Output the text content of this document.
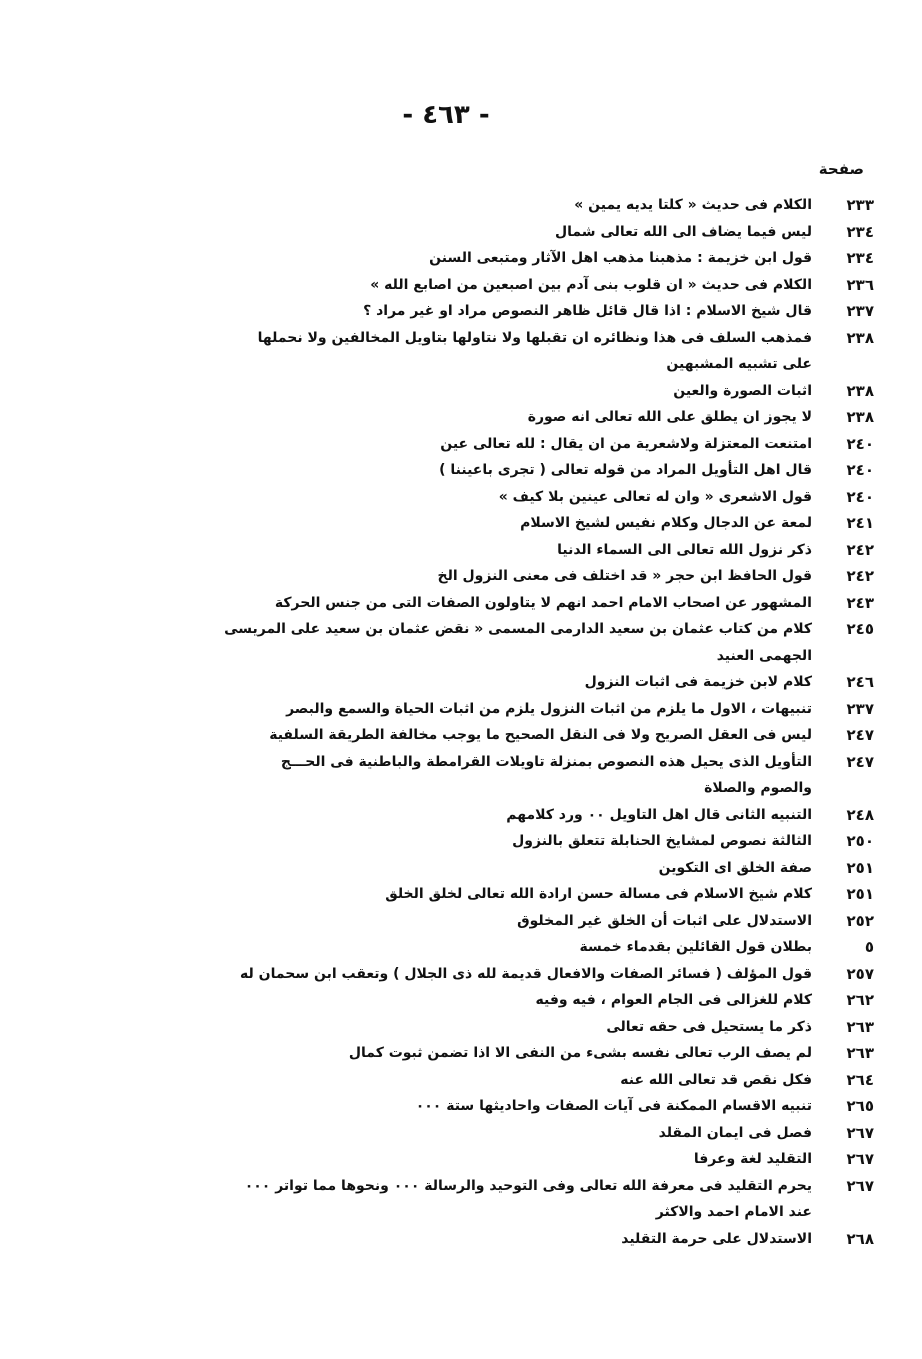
- ٤٦٣ -
صفحة
٢٣٣
الكلام فى حديث « كلتا يديه يمين »
٢٣٤
ليس فيما يضاف الى الله تعالى شمال
٢٣٤
قول ابن خزيمة : مذهبنا مذهب اهل الآثار ومتبعى السنن
٢٣٦
الكلام فى حديث « ان قلوب بنى آدم بين اصبعين من اصابع الله »
٢٣٧
قال شيخ الاسلام : اذا قال قائل ظاهر النصوص مراد او غير مراد ؟
٢٣٨
فمذهب السلف فى هذا ونظائره ان تقبلها ولا نتاولها بتاويل المخالفين ولا نحملها
على تشبيه المشبهين
٢٣٨
اثبات الصورة والعين
٢٣٨
لا يجوز ان يطلق على الله تعالى انه صورة
٢٤٠
امتنعت المعتزلة ولاشعرية من ان يقال : لله تعالى عين
٢٤٠
قال اهل التأويل المراد من قوله تعالى ( تجرى باعيننا )
٢٤٠
قول الاشعرى « وان له تعالى عينين بلا كيف »
٢٤١
لمعة عن الدجال وكلام نفيس لشيخ الاسلام
٢٤٢
ذكر نزول الله تعالى الى السماء الدنيا
٢٤٢
قول الحافظ ابن حجر « قد اختلف فى معنى النزول الخ
٢٤٣
المشهور عن اصحاب الامام احمد انهم لا يتاولون الصفات التى من جنس الحركة
٢٤٥
كلام من كتاب عثمان بن سعيد الدارمى المسمى « نقض عثمان بن سعيد على المريسى
الجهمى العنيد
٢٤٦
كلام لابن خزيمة فى اثبات النزول
٢٣٧
تنبيهات ، الاول ما يلزم من اثبات النزول يلزم من اثبات الحياة والسمع والبصر
٢٤٧
ليس فى العقل الصريح ولا فى النقل الصحيح ما يوجب مخالفة الطريقة السلفية
٢٤٧
التأويل الذى يحيل هذه النصوص بمنزلة تاويلات القرامطة والباطنية فى الحـــج
والصوم والصلاة
٢٤٨
التنبيه الثانى قال اهل التاويل ٠٠ ورد كلامهم
٢٥٠
الثالثة نصوص لمشايخ الحنابلة تتعلق بالنزول
٢٥١
صفة الخلق اى التكوين
٢٥١
كلام شيخ الاسلام فى مسالة حسن ارادة الله تعالى لخلق الخلق
٢٥٢
الاستدلال على اثبات أن الخلق غير المخلوق
٥
بطلان قول القائلين بقدماء خمسة
٢٥٧
قول المؤلف ( فسائر الصفات والافعال قديمة لله ذى الجلال ) وتعقب ابن سحمان له
٢٦٢
كلام للغزالى فى الجام العوام ، فيه وفيه
٢٦٣
ذكر ما يستحيل فى حقه تعالى
٢٦٣
لم يصف الرب تعالى نفسه بشىء من النفى الا اذا تضمن ثبوت كمال
٢٦٤
فكل نقص قد تعالى الله عنه
٢٦٥
تنبيه الاقسام الممكنة فى آيات الصفات واحاديثها ستة ٠٠٠
٢٦٧
فصل فى ايمان المقلد
٢٦٧
التقليد لغة وعرفا
٢٦٧
يحرم التقليد فى معرفة الله تعالى وفى التوحيد والرسالة ٠٠٠ ونحوها مما تواتر ٠٠٠
عند الامام احمد والاكثر
٢٦٨
الاستدلال على حرمة التقليد
